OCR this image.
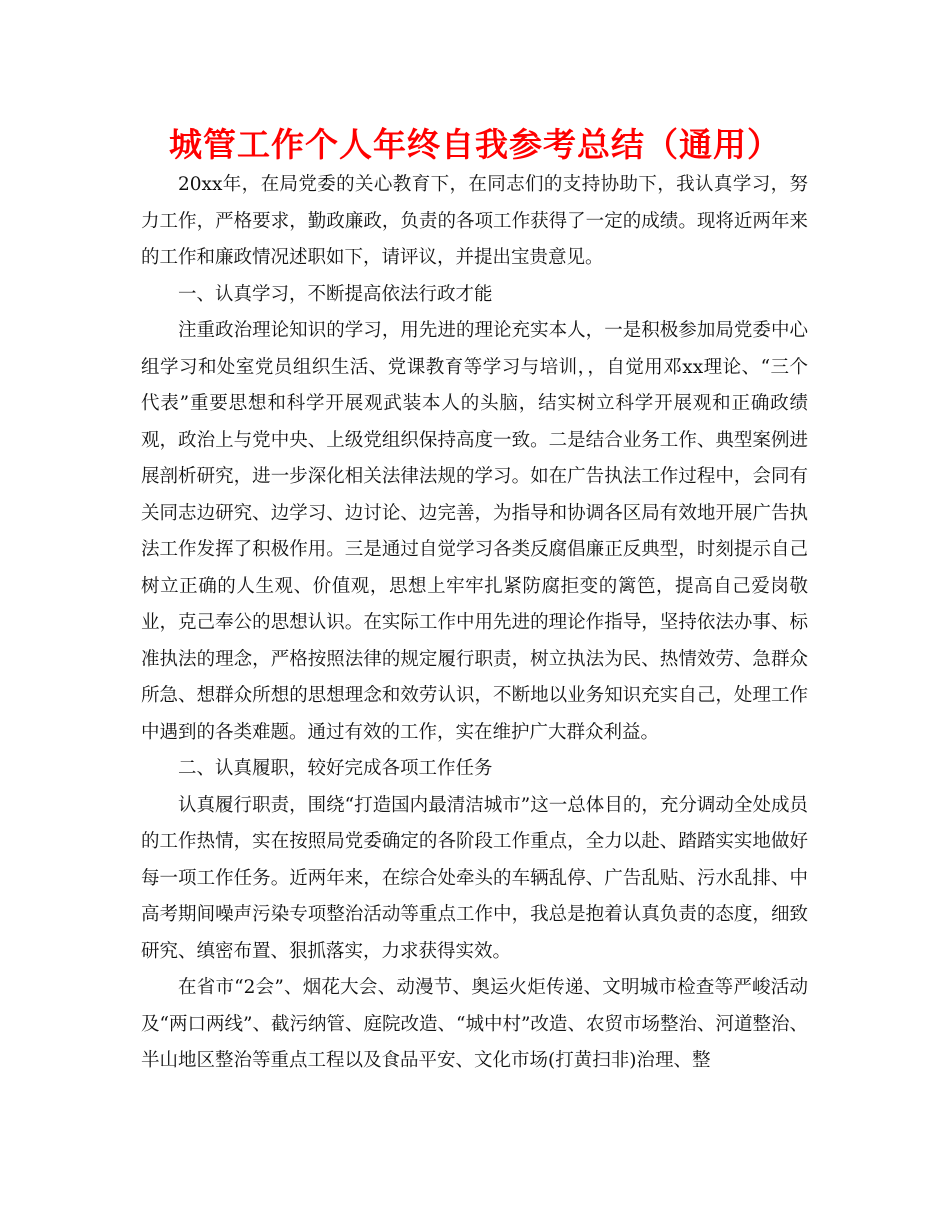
城管工作个人年终自我参考总结（通用）

20xx年，在局党委的关心教育下，在同志们的支持协助下，我认真学习，努力工作，严格要求，勤政廉政，负责的各项工作获得了一定的成绩。现将近两年来的工作和廉政情况述职如下，请评议，并提出宝贵意见。

一、认真学习，不断提高依法行政才能

注重政治理论知识的学习，用先进的理论充实本人，一是积极参加局党委中心组学习和处室党员组织生活、党课教育等学习与培训，，自觉用邓xx理论、“三个代表”重要思想和科学开展观武装本人的头脑，结实树立科学开展观和正确政绩观，政治上与党中央、上级党组织保持高度一致。二是结合业务工作、典型案例进展剖析研究，进一步深化相关法律法规的学习。如在广告执法工作过程中，会同有关同志边研究、边学习、边讨论、边完善，为指导和协调各区局有效地开展广告执法工作发挥了积极作用。三是通过自觉学习各类反腐倡廉正反典型，时刻提示自己树立正确的人生观、价值观，思想上牢牢扎紧防腐拒变的篱笆，提高自己爱岗敬业，克己奉公的思想认识。在实际工作中用先进的理论作指导，坚持依法办事、标准执法的理念，严格按照法律的规定履行职责，树立执法为民、热情效劳、急群众所急、想群众所想的思想理念和效劳认识，不断地以业务知识充实自己，处理工作中遇到的各类难题。通过有效的工作，实在维护广大群众利益。

二、认真履职，较好完成各项工作任务

认真履行职责，围绕“打造国内最清洁城市”这一总体目的，充分调动全处成员的工作热情，实在按照局党委确定的各阶段工作重点，全力以赴、踏踏实实地做好每一项工作任务。近两年来，在综合处牵头的车辆乱停、广告乱贴、污水乱排、中高考期间噪声污染专项整治活动等重点工作中，我总是抱着认真负责的态度，细致研究、缜密布置、狠抓落实，力求获得实效。

在省市“2会”、烟花大会、动漫节、奥运火炬传递、文明城市检查等严峻活动及“两口两线”、截污纳管、庭院改造、“城中村”改造、农贸市场整治、河道整治、半山地区整治等重点工程以及食品平安、文化市场(打黄扫非)治理、整
